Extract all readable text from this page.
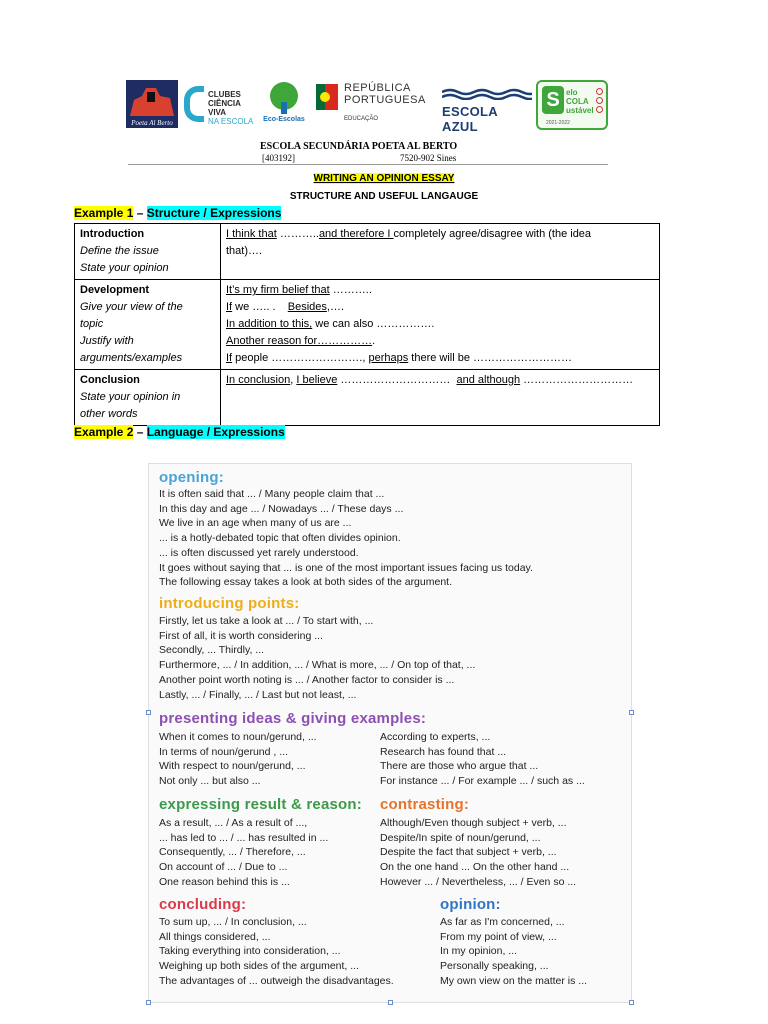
Poeta Al Berto
CLUBES
CIÊNCIA VIVA
NA ESCOLA	Eco-Escolas
REPÚBLICA
PORTUGUESA
EDUCAÇÃO	ESCOLA AZUL
S elo
COLA
ustável
2021-2022
ESCOLA SECUNDÁRIA POETA AL BERTO
[403192]	7520-902 Sines
WRITING AN OPINION ESSAY
STRUCTURE AND USEFUL LANGAUGE
Example 1 – Structure / Expressions
Introduction
Define the issue
State your opinion	I think that ………..and therefore I completely agree/disagree with (the idea
that)….

Development
Give your view of the
topic
Justify with
arguments/examples	It’s my firm belief that ………..
If we ….. .    Besides,….
In addition to this, we can also …………….
Another reason for…………….
If people ……………………., perhaps there will be ………………………

Conclusion
State your opinion in
other words	In conclusion, I believe …………………………  and although …………………………
Example 2 – Language / Expressions
opening:
It is often said that ... / Many people claim that ...
In this day and age ... / Nowadays ... / These days ...
We live in an age when many of us are ...
... is a hotly-debated topic that often divides opinion.
... is often discussed yet rarely understood.
It goes without saying that ... is one of the most important issues facing us today.
The following essay takes a look at both sides of the argument.
introducing points:
Firstly, let us take a look at ... / To start with, ...
First of all, it is worth considering ...
Secondly, ... Thirdly, ...
Furthermore, ... / In addition, ... / What is more, ... / On top of that, ...
Another point worth noting is ... / Another factor to consider is ...
Lastly, ... / Finally, ... / Last but not least, ...
presenting ideas & giving examples:
When it comes to noun/gerund, ...
In terms of noun/gerund , ...
With respect to noun/gerund, ...
Not only ... but also ...
According to experts, ...
Research has found that ...
There are those who argue that ...
For instance ... / For example ... / such as ...
expressing result & reason:
As a result, ... / As a result of ...,
... has led to ... / ... has resulted in ...
Consequently, ... / Therefore, ...
On account of ... / Due to ...
One reason behind this is ...
contrasting:
Although/Even though subject + verb, ...
Despite/In spite of noun/gerund, ...
Despite the fact that subject + verb, ...
On the one hand ... On the other hand ...
However ... / Nevertheless, ... / Even so ...
concluding:
To sum up, ... / In conclusion, ...
All things considered, ...
Taking everything into consideration, ...
Weighing up both sides of the argument, ...
The advantages of ... outweigh the disadvantages.
opinion:
As far as I'm concerned, ...
From my point of view, ...
In my opinion, ...
Personally speaking, ...
My own view on the matter is ...
